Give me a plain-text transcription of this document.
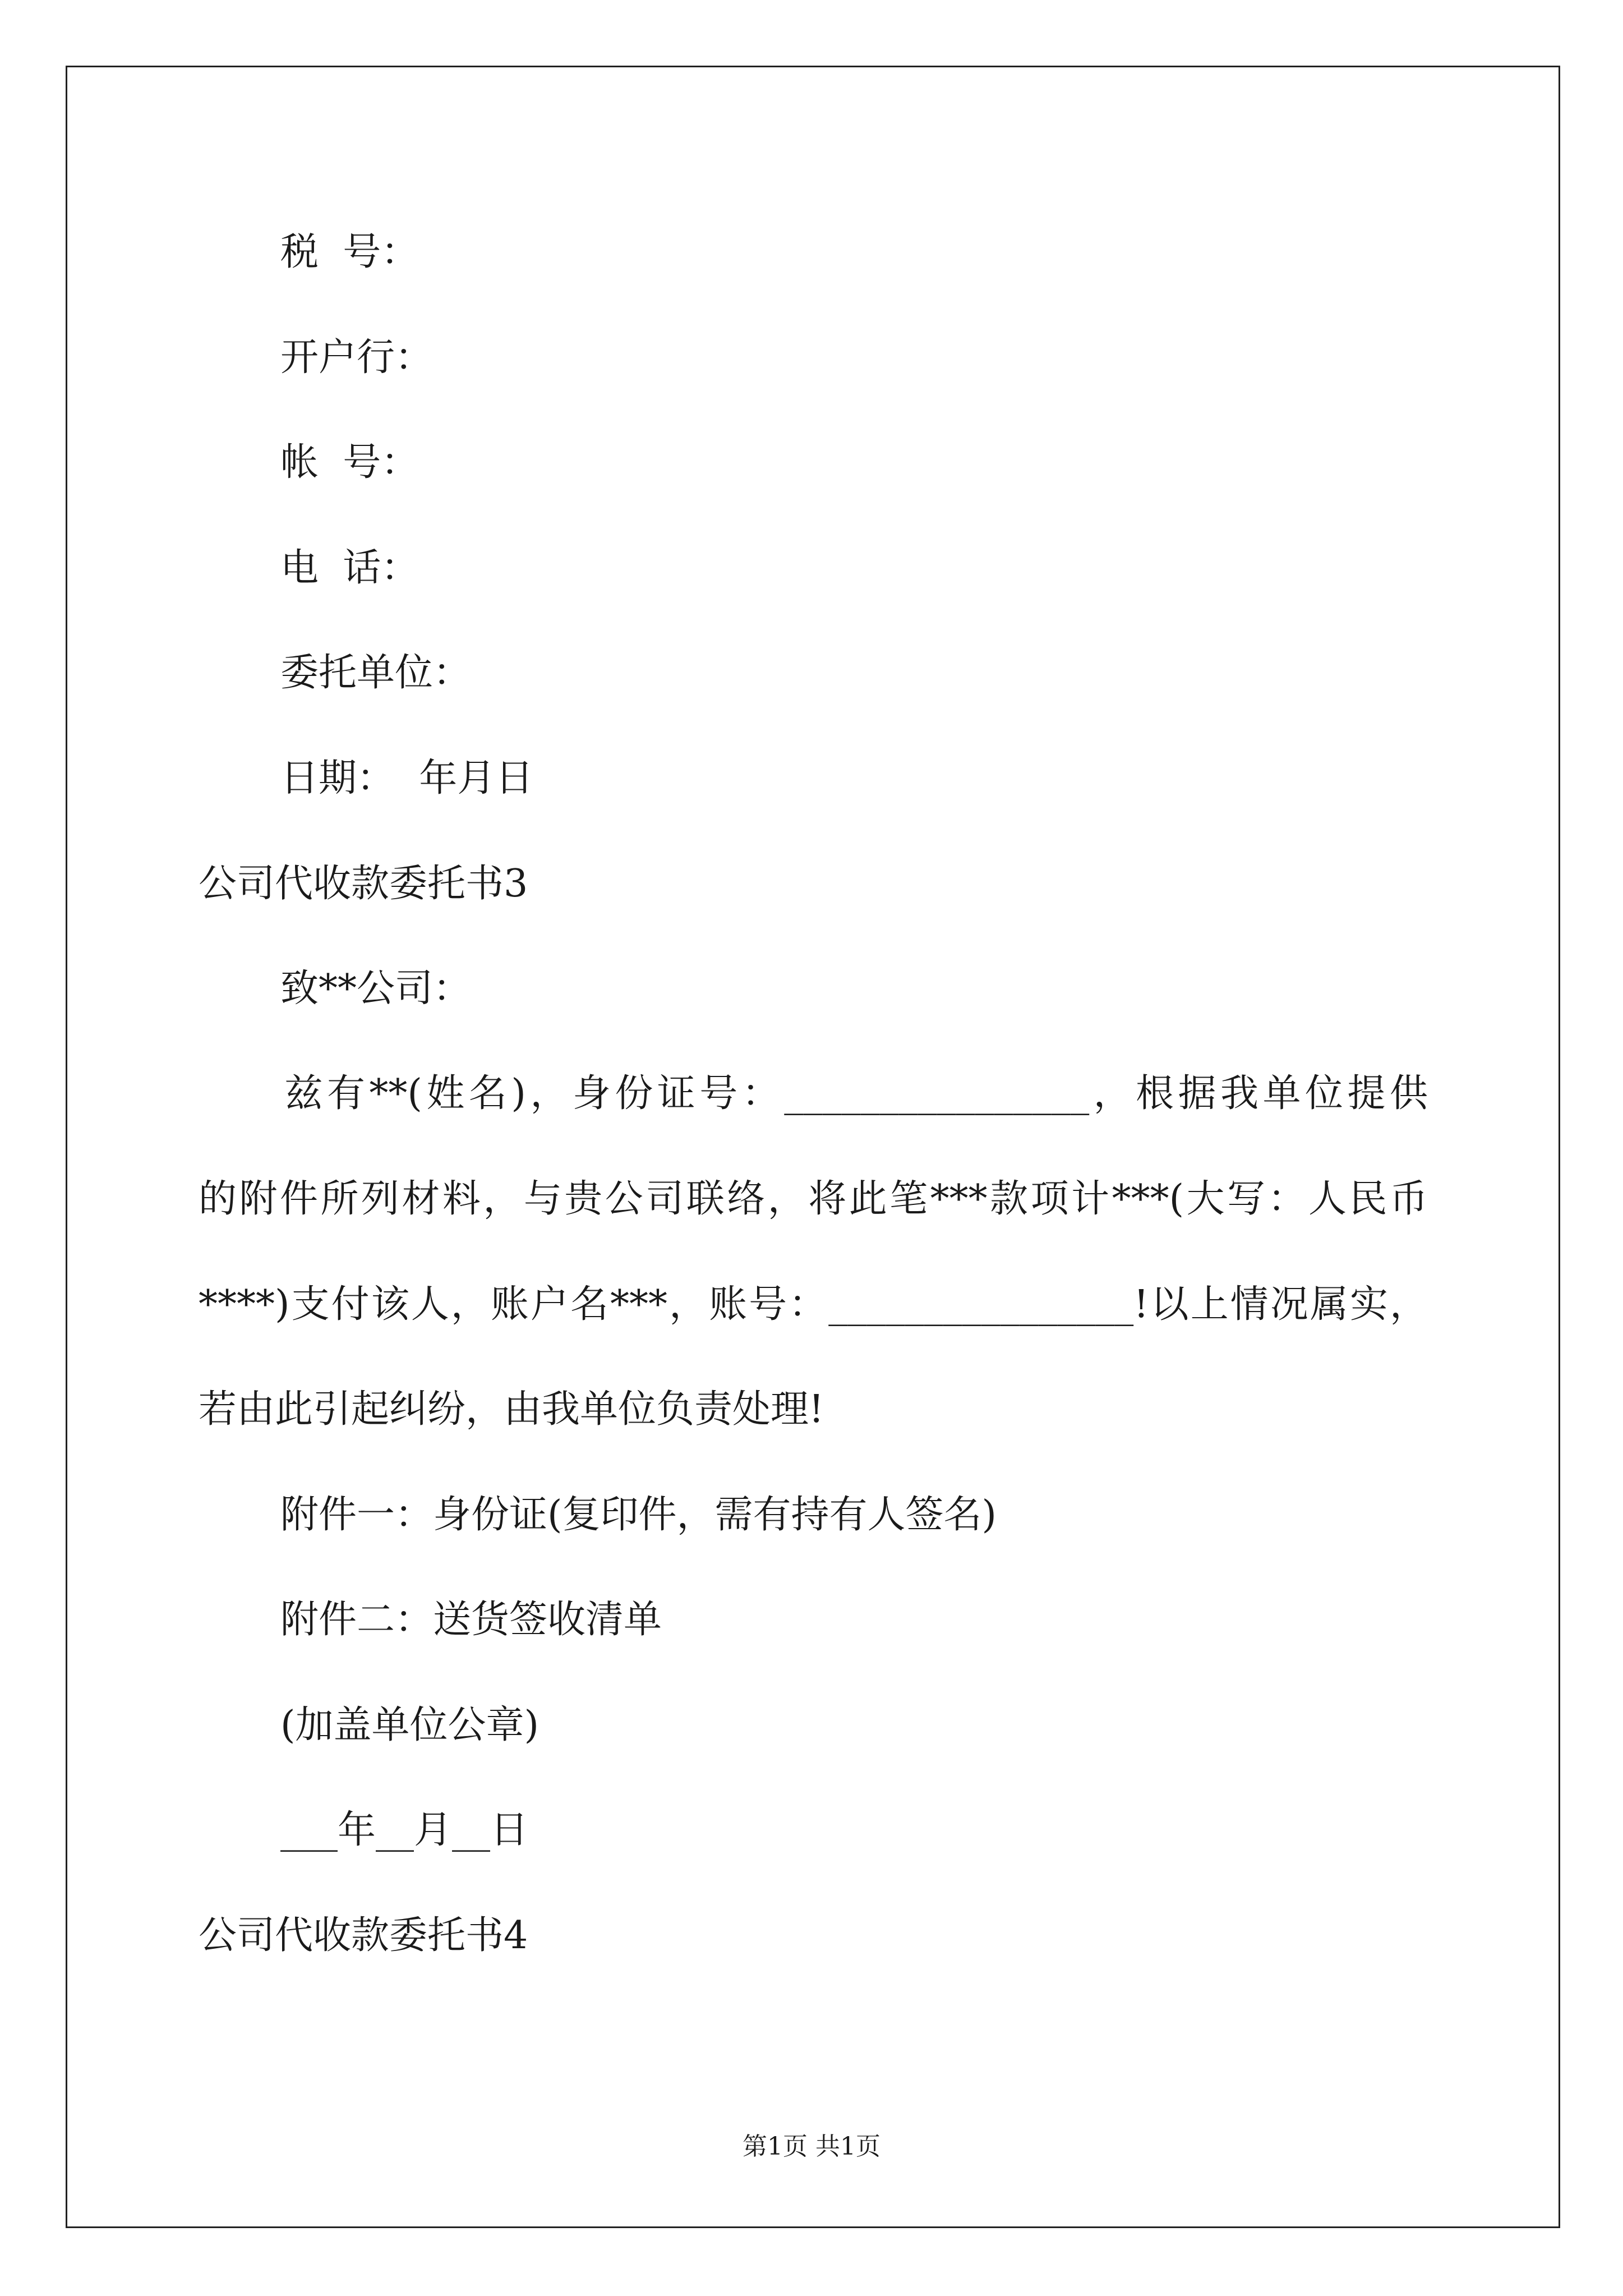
税  号：
开户行：
帐  号：
电  话：
委托单位：
日期：  年月日
公司代收款委托书3
致**公司：
兹有**(姓名)，身份证号：________________，根据我单位提供
的附件所列材料，与贵公司联络，将此笔***款项计***(大写：人民币
****)支付该人，账户名***，账号：________________!以上情况属实，
若由此引起纠纷，由我单位负责处理!
附件一：身份证(复印件，需有持有人签名)
附件二：送货签收清单
(加盖单位公章)
___年__月__日
公司代收款委托书4
第1页 共1页
